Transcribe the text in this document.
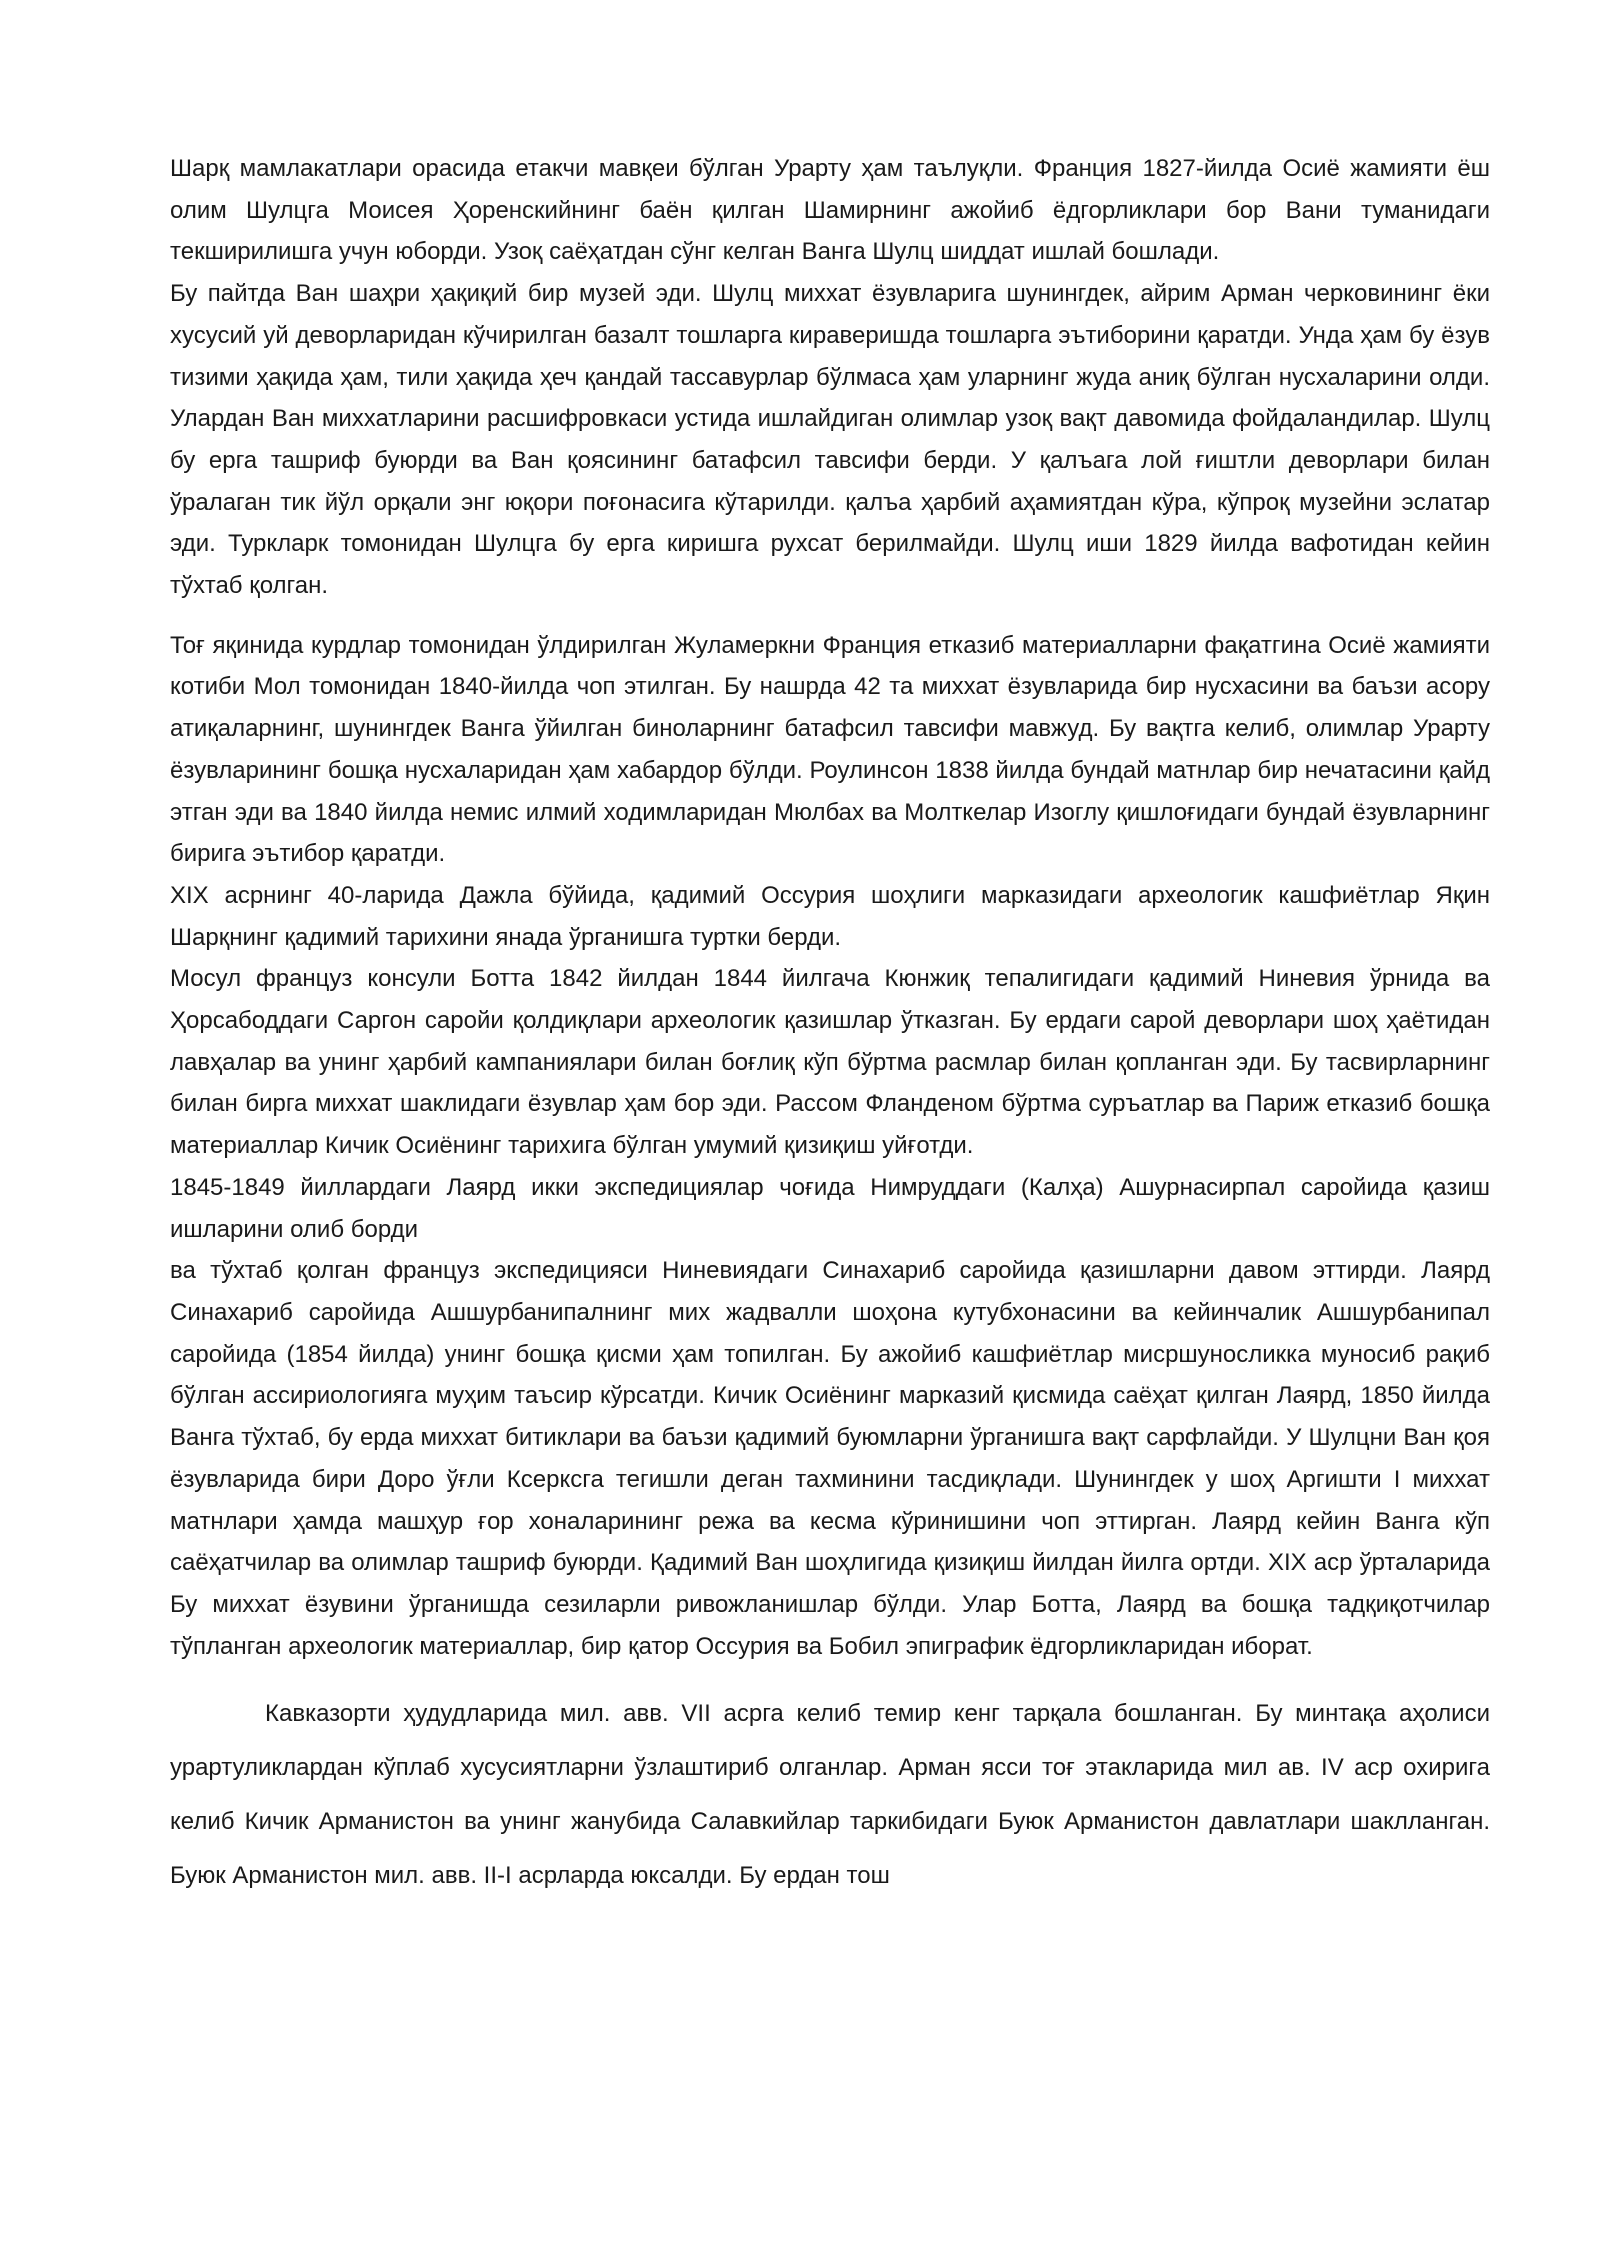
Шарқ мамлакатлари орасида етакчи мавқеи бўлган Урарту ҳам таълуқли. Франция 1827-йилда Осиё жамияти ёш олим Шулцга Моисея Ҳоренскийнинг баён қилган Шамирнинг ажойиб ёдгорликлари бор Вани туманидаги текширилишга учун юборди. Узоқ саёҳатдан сўнг келган Ванга Шулц шиддат ишлай бошлади.

Бу пайтда Ван шаҳри ҳақиқий бир музей эди. Шулц миххат ёзувларига шунингдек, айрим Арман черковининг ёки хусусий уй деворларидан кўчирилган базалт тошларга кираверишда тошларга эътиборини қаратди. Унда ҳам бу ёзув тизими ҳақида ҳам, тили ҳақида ҳеч қандай тассавурлар бўлмаса ҳам уларнинг жуда аниқ бўлган нусхаларини олди. Улардан Ван миххатларини расшифровкаси устида ишлайдиган олимлар узоқ вақт давомида фойдаландилар. Шулц бу ерга ташриф буюрди ва Ван қоясининг батафсил тавсифи берди. У қалъага лой ғиштли деворлари билан ўралаган тик йўл орқали энг юқори поғонасига кўтарилди. қалъа ҳарбий аҳамиятдан кўра, кўпроқ музейни эслатар эди. Туркларк томонидан Шулцга бу ерга киришга рухсат берилмайди. Шулц иши 1829 йилда вафотидан кейин тўхтаб қолган.

Тоғ яқинида курдлар томонидан ўлдирилган Жуламеркни Франция етказиб материалларни фақатгина Осиё жамияти котиби Мол томонидан 1840-йилда чоп этилган. Бу нашрда 42 та миххат ёзувларида бир нусхасини ва баъзи асору атиқаларнинг, шунингдек Ванга ўйилган биноларнинг батафсил тавсифи мавжуд. Бу вақтга келиб, олимлар Урарту ёзувларининг бошқа нусхаларидан ҳам хабардор бўлди. Роулинсон 1838 йилда бундай матнлар бир нечатасини қайд этган эди ва 1840 йилда немис илмий ходимларидан Мюлбах ва Молткелар Изоглу қишлоғидаги бундай ёзувларнинг бирига эътибор қаратди.

XIX асрнинг 40-ларида Дажла бўйида, қадимий Оссурия шоҳлиги марказидаги археологик кашфиётлар Яқин Шарқнинг қадимий тарихини янада ўрганишга туртки берди.

Мосул француз консули Ботта 1842 йилдан 1844 йилгача Кюнжиқ тепалигидаги қадимий Ниневия ўрнида ва Ҳорсабоддаги Саргон саройи қолдиқлари археологик қазишлар ўтказган. Бу ердаги сарой деворлари шоҳ ҳаётидан лавҳалар ва унинг ҳарбий кампаниялари билан боғлиқ кўп бўртма расмлар билан қопланган эди. Бу тасвирларнинг билан бирга миххат шаклидаги ёзувлар ҳам бор эди. Рассом Фланденом бўртма суръатлар ва Париж етказиб бошқа материаллар Кичик Осиёнинг тарихига бўлган умумий қизиқиш уйғотди.

1845-1849 йиллардаги Лаярд икки экспедициялар чоғида Нимруддаги (Калҳа) Ашурнасирпал саройида қазиш ишларини олиб борди

ва тўхтаб қолган француз экспедицияси Ниневиядаги Синахариб саройида қазишларни давом эттирди. Лаярд Синахариб саройида Ашшурбанипалнинг мих жадвалли шоҳона кутубхонасини ва кейинчалик Ашшурбанипал саройида (1854 йилда) унинг бошқа қисми ҳам топилган. Бу ажойиб кашфиётлар мисршуносликка муносиб рақиб бўлган ассириологияга муҳим таъсир кўрсатди. Кичик Осиёнинг марказий қисмида саёҳат қилган Лаярд, 1850 йилда Ванга тўхтаб, бу ерда миххат битиклари ва баъзи қадимий буюмларни ўрганишга вақт сарфлайди. У Шулцни Ван қоя ёзувларида бири Доро ўғли Ксерксга тегишли деган тахминини тасдиқлади. Шунингдек у шоҳ Аргишти I миххат матнлари ҳамда машҳур ғор хоналарининг режа ва кесма кўринишини чоп эттирган. Лаярд кейин Ванга кўп саёҳатчилар ва олимлар ташриф буюрди. Қадимий Ван шоҳлигида қизиқиш йилдан йилга ортди. XIX аср ўрталарида Бу миххат ёзувини ўрганишда сезиларли ривожланишлар бўлди. Улар Ботта, Лаярд ва бошқа тадқиқотчилар тўпланган археологик материаллар, бир қатор Оссурия ва Бобил эпиграфик ёдгорликларидан иборат.

Кавказорти ҳудудларида мил. авв. VII асрга келиб темир кенг тарқала бошланган. Бу минтақа аҳолиси урартуликлардан кўплаб хусусиятларни ўзлаштириб олганлар. Арман ясси тоғ этакларида мил ав. IV аср охирига келиб Кичик Арманистон ва унинг жанубида Салавкийлар таркибидаги Буюк Арманистон давлатлари шаклланган. Буюк Арманистон мил. авв. II-I асрларда юксалди. Бу ердан тош
